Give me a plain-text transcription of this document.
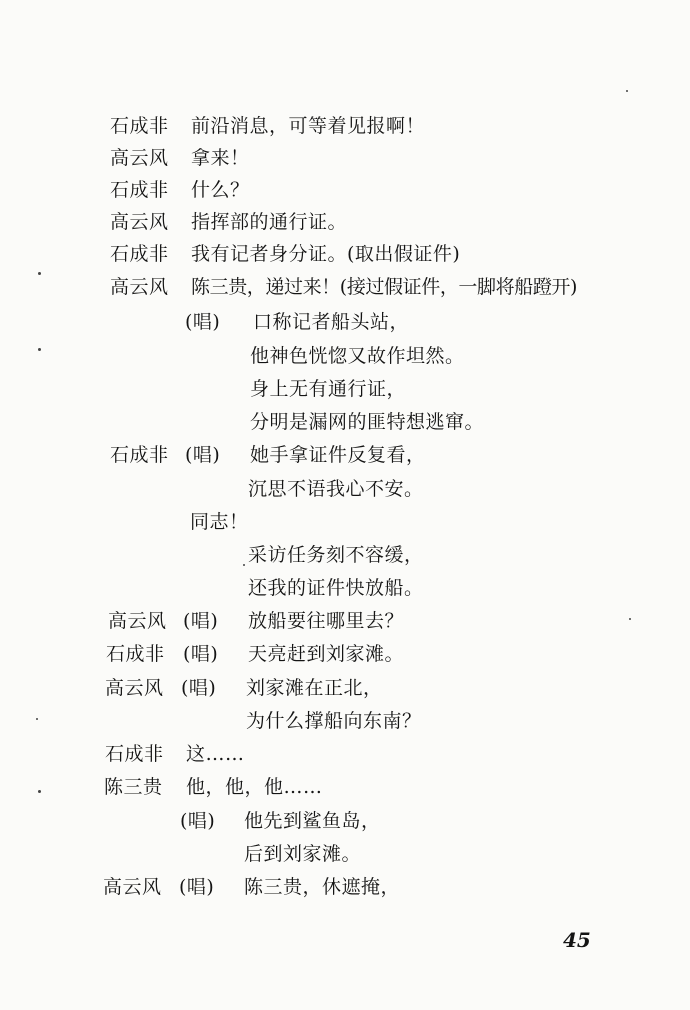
石成非 前沿消息，可等着见报啊！
高云风 拿来！
石成非 什么？
高云风 指挥部的通行证。
石成非 我有记者身分证。(取出假证件)
高云风 陈三贵，递过来！(接过假证件，一脚将船蹬开)
(唱) 口称记者船头站，
他神色恍惚又故作坦然。
身上无有通行证，
分明是漏网的匪特想逃窜。
石成非 (唱) 她手拿证件反复看，
沉思不语我心不安。
同志！
采访任务刻不容缓，
还我的证件快放船。
高云风 (唱) 放船要往哪里去？
石成非 (唱) 天亮赶到刘家滩。
高云风 (唱) 刘家滩在正北，
为什么撑船向东南？
石成非 这……
陈三贵 他，他，他……
(唱) 他先到鲨鱼岛，
后到刘家滩。
高云风 (唱) 陈三贵，休遮掩，
45
